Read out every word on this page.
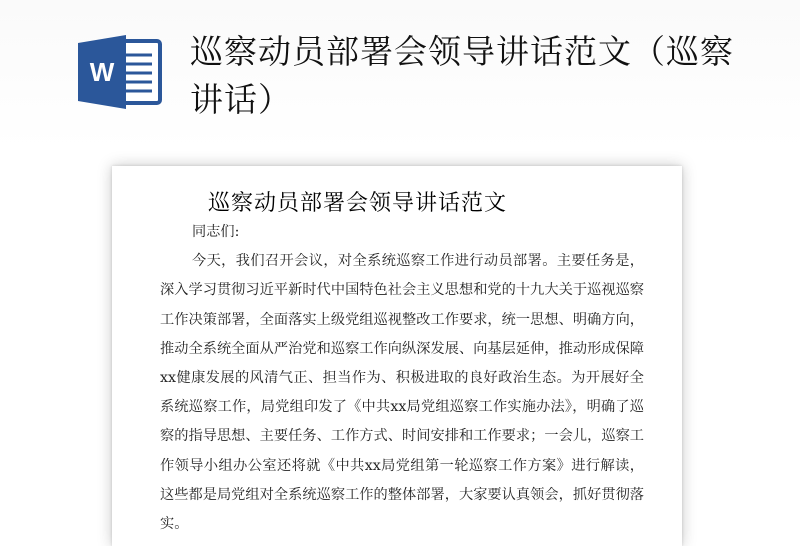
W
巡察动员部署会领导讲话范文（巡察讲话）
巡察动员部署会领导讲话范文

同志们:

今天，我们召开会议，对全系统巡察工作进行动员部署。主要任务是，深入学习贯彻习近平新时代中国特色社会主义思想和党的十九大关于巡视巡察工作决策部署，全面落实上级党组巡视整改工作要求，统一思想、明确方向，推动全系统全面从严治党和巡察工作向纵深发展、向基层延伸，推动形成保障xx健康发展的风清气正、担当作为、积极进取的良好政治生态。为开展好全系统巡察工作，局党组印发了《中共xx局党组巡察工作实施办法》，明确了巡察的指导思想、主要任务、工作方式、时间安排和工作要求；一会儿，巡察工作领导小组办公室还将就《中共xx局党组第一轮巡察工作方案》进行解读，这些都是局党组对全系统巡察工作的整体部署，大家要认真领会，抓好贯彻落实。
